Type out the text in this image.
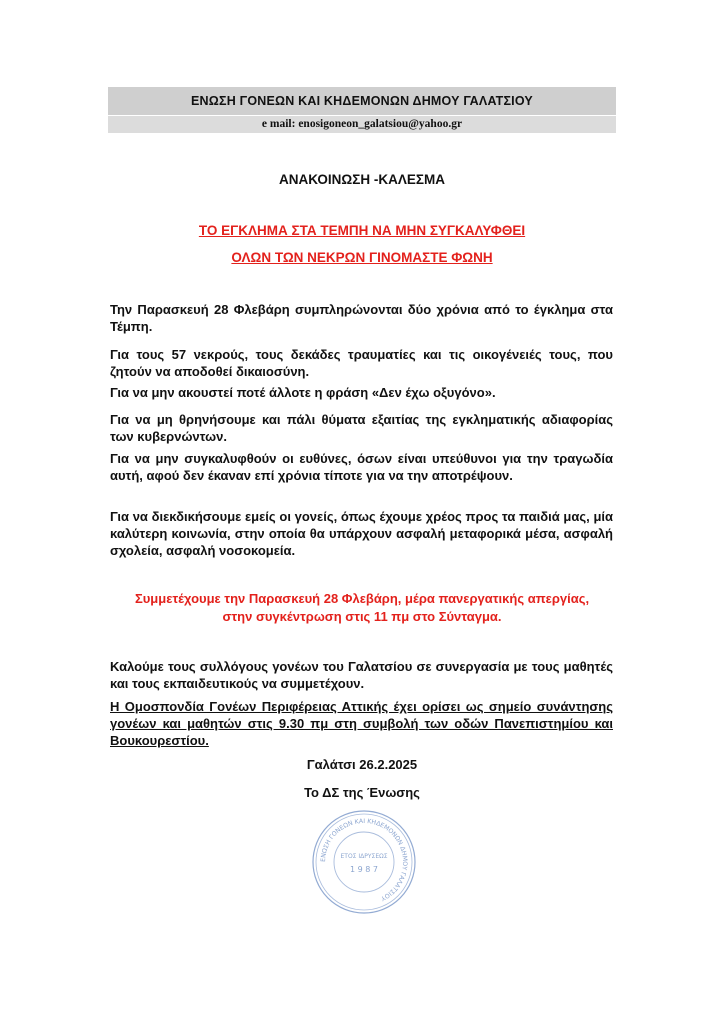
ΕΝΩΣΗ ΓΟΝΕΩΝ ΚΑΙ ΚΗΔΕΜΟΝΩΝ ΔΗΜΟΥ ΓΑΛΑΤΣΙΟΥ
e mail: enosigoneon_galatsiou@yahoo.gr
ΑΝΑΚΟΙΝΩΣΗ -ΚΑΛΕΣΜΑ
ΤΟ ΕΓΚΛΗΜΑ ΣΤΑ ΤΕΜΠΗ ΝΑ ΜΗΝ ΣΥΓΚΑΛΥΦΘΕΙ
ΟΛΩΝ ΤΩΝ ΝΕΚΡΩΝ ΓΙΝΟΜΑΣΤΕ ΦΩΝΗ
Την Παρασκευή 28 Φλεβάρη συμπληρώνονται δύο χρόνια από το έγκλημα στα Τέμπη.
Για τους 57 νεκρούς, τους δεκάδες τραυματίες και τις οικογένειές τους, που ζητούν να αποδοθεί δικαιοσύνη.
Για να μην ακουστεί ποτέ άλλοτε η φράση «Δεν έχω οξυγόνο».
Για να μη θρηνήσουμε και πάλι θύματα εξαιτίας της εγκληματικής αδιαφορίας των κυβερνώντων.
Για να μην συγκαλυφθούν οι ευθύνες, όσων είναι υπεύθυνοι για την τραγωδία αυτή, αφού δεν έκαναν επί χρόνια τίποτε για να την αποτρέψουν.
Για να διεκδικήσουμε εμείς οι γονείς, όπως έχουμε χρέος προς τα παιδιά μας, μία καλύτερη κοινωνία, στην οποία θα υπάρχουν ασφαλή μεταφορικά μέσα, ασφαλή σχολεία, ασφαλή νοσοκομεία.
Συμμετέχουμε την Παρασκευή 28 Φλεβάρη, μέρα πανεργατικής απεργίας, στην συγκέντρωση στις 11 πμ στο Σύνταγμα.
Καλούμε τους συλλόγους γονέων του Γαλατσίου σε συνεργασία με τους μαθητές και τους εκπαιδευτικούς να συμμετέχουν.
Η Ομοσπονδία Γονέων Περιφέρειας Αττικής έχει ορίσει ως σημείο συνάντησης γονέων και μαθητών στις 9.30 πμ στη συμβολή των οδών Πανεπιστημίου και Βουκουρεστίου.
Γαλάτσι 26.2.2025
Το ΔΣ της Ένωσης
ΕΝΩΣΗ ΓΟΝΕΩΝ ΚΑΙ ΚΗΔΕΜΟΝΩΝ ΔΗΜΟΥ ΓΑΛΑΤΣΙΟΥ
ΕΤΟΣ ΙΔΡΥΣΕΩΣ
1 9 8 7
